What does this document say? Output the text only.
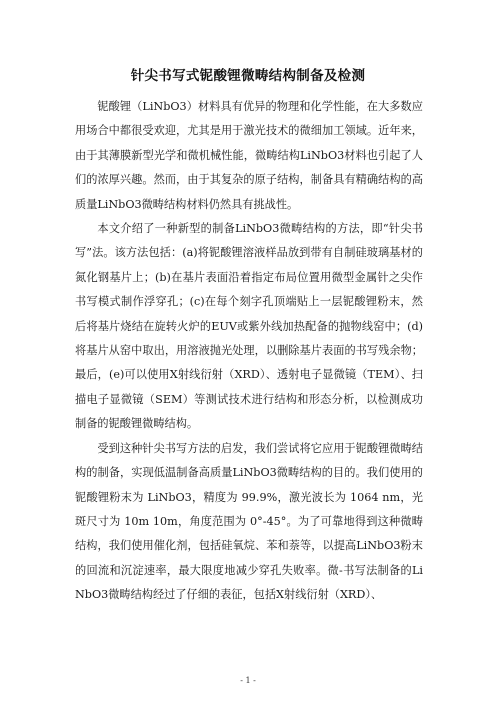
针尖书写式铌酸锂微畴结构制备及检测

铌酸锂（LiNbO3）材料具有优异的物理和化学性能，在大多数应用场合中都很受欢迎，尤其是用于激光技术的微细加工领域。近年来，由于其薄膜新型光学和微机械性能，微畴结构LiNbO3材料也引起了人们的浓厚兴趣。然而，由于其复杂的原子结构，制备具有精确结构的高质量LiNbO3微畴结构材料仍然具有挑战性。

本文介绍了一种新型的制备LiNbO3微畴结构的方法，即“针尖书写”法。该方法包括：(a)将铌酸锂溶液样品放到带有自制硅玻璃基材的氮化钢基片上；(b)在基片表面沿着指定布局位置用微型金属针之尖作书写模式制作浮穿孔；(c)在每个刻字孔顶端贴上一层铌酸锂粉末，然后将基片烧结在旋转火炉的EUV或紫外线加热配备的抛物线窑中；(d)将基片从窑中取出，用溶液抛光处理，以删除基片表面的书写残余物；最后，(e)可以使用X射线衍射（XRD）、透射电子显微镜（TEM）、扫描电子显微镜（SEM）等测试技术进行结构和形态分析，以检测成功制备的铌酸锂微畴结构。

受到这种针尖书写方法的启发，我们尝试将它应用于铌酸锂微畴结构的制备，实现低温制备高质量LiNbO3微畴结构的目的。我们使用的铌酸锂粉末为 LiNbO3，精度为 99.9%，激光波长为 1064 nm，光斑尺寸为 10m 10m，角度范围为 0°-45°。为了可靠地得到这种微畴结构，我们使用催化剂，包括硅氧烷、苯和萘等，以提高LiNbO3粉末的回流和沉淀速率，最大限度地减少穿孔失败率。微-书写法制备的LiNbO3微畴结构经过了仔细的表征，包括X射线衍射（XRD）、

- 1 -
